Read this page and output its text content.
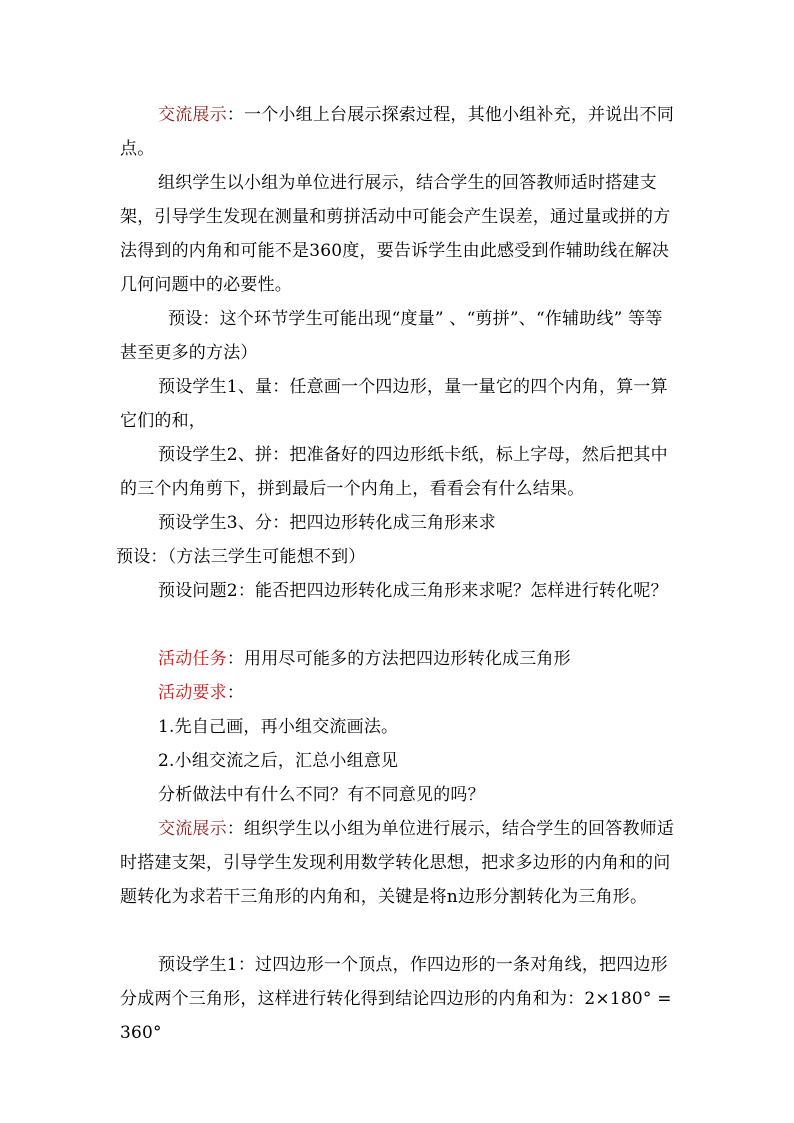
交流展示：一个小组上台展示探索过程，其他小组补充，并说出不同点。
组织学生以小组为单位进行展示，结合学生的回答教师适时搭建支架，引导学生发现在测量和剪拼活动中可能会产生误差，通过量或拼的方法得到的内角和可能不是360度，要告诉学生由此感受到作辅助线在解决几何问题中的必要性。
预设：这个环节学生可能出现“度量” 、“剪拼”、“作辅助线” 等等甚至更多的方法）
预设学生1、量：任意画一个四边形，量一量它的四个内角，算一算它们的和，
预设学生2、拼：把准备好的四边形纸卡纸，标上字母，然后把其中的三个内角剪下，拼到最后一个内角上，看看会有什么结果。
预设学生3、分：把四边形转化成三角形来求
预设：（方法三学生可能想不到）
预设问题2：能否把四边形转化成三角形来求呢？怎样进行转化呢？
活动任务：用用尽可能多的方法把四边形转化成三角形
活动要求：
1.先自己画，再小组交流画法。
2.小组交流之后，汇总小组意见
分析做法中有什么不同？有不同意见的吗？
交流展示：组织学生以小组为单位进行展示，结合学生的回答教师适时搭建支架，引导学生发现利用数学转化思想，把求多边形的内角和的问题转化为求若干三角形的内角和，关键是将n边形分割转化为三角形。
预设学生1：过四边形一个顶点，作四边形的一条对角线，把四边形分成两个三角形，这样进行转化得到结论四边形的内角和为：2×180° = 360°
